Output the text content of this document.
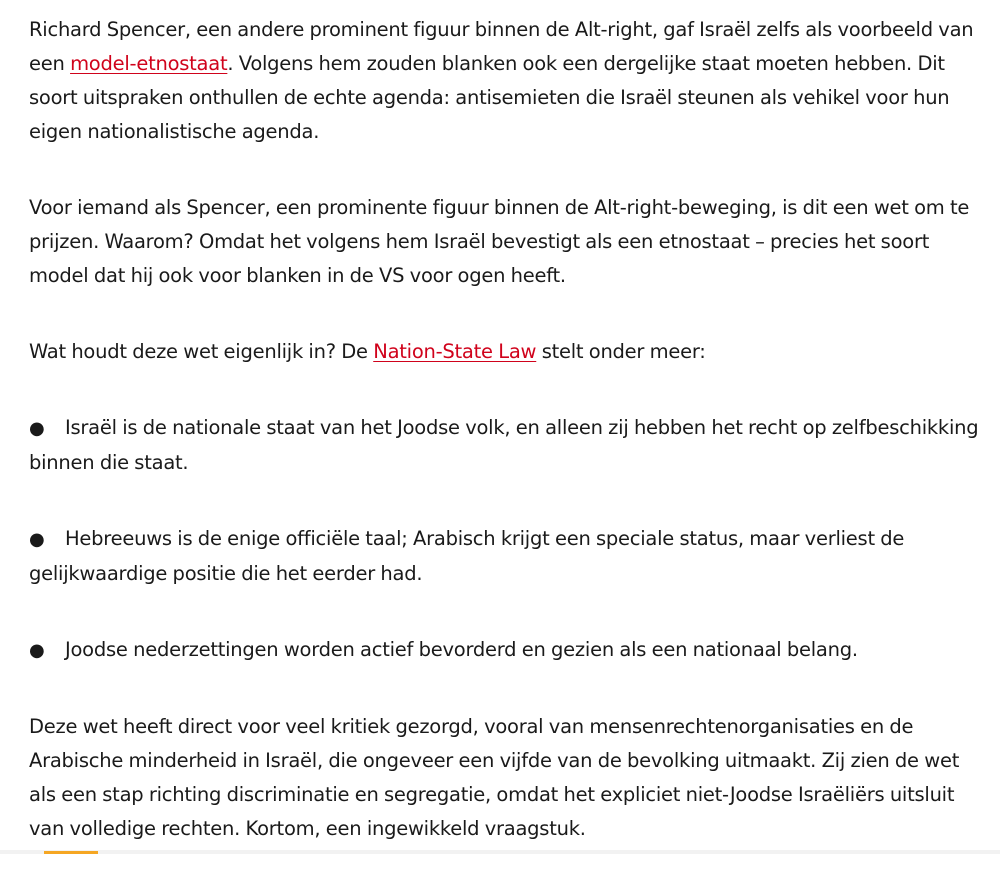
Richard Spencer, een andere prominent figuur binnen de Alt-right, gaf Israël zelfs als voorbeeld van een model-etnostaat. Volgens hem zouden blanken ook een dergelijke staat moeten hebben. Dit soort uitspraken onthullen de echte agenda: antisemieten die Israël steunen als vehikel voor hun eigen nationalistische agenda.

Voor iemand als Spencer, een prominente figuur binnen de Alt-right-beweging, is dit een wet om te prijzen. Waarom? Omdat het volgens hem Israël bevestigt als een etnostaat – precies het soort model dat hij ook voor blanken in de VS voor ogen heeft.

Wat houdt deze wet eigenlijk in? De Nation-State Law stelt onder meer:

● Israël is de nationale staat van het Joodse volk, en alleen zij hebben het recht op zelfbeschikking binnen die staat.
● Hebreeuws is de enige officiële taal; Arabisch krijgt een speciale status, maar verliest de gelijkwaardige positie die het eerder had.
● Joodse nederzettingen worden actief bevorderd en gezien als een nationaal belang.

Deze wet heeft direct voor veel kritiek gezorgd, vooral van mensenrechtenorganisaties en de Arabische minderheid in Israël, die ongeveer een vijfde van de bevolking uitmaakt. Zij zien de wet als een stap richting discriminatie en segregatie, omdat het expliciet niet-Joodse Israëliërs uitsluit van volledige rechten. Kortom, een ingewikkeld vraagstuk.
